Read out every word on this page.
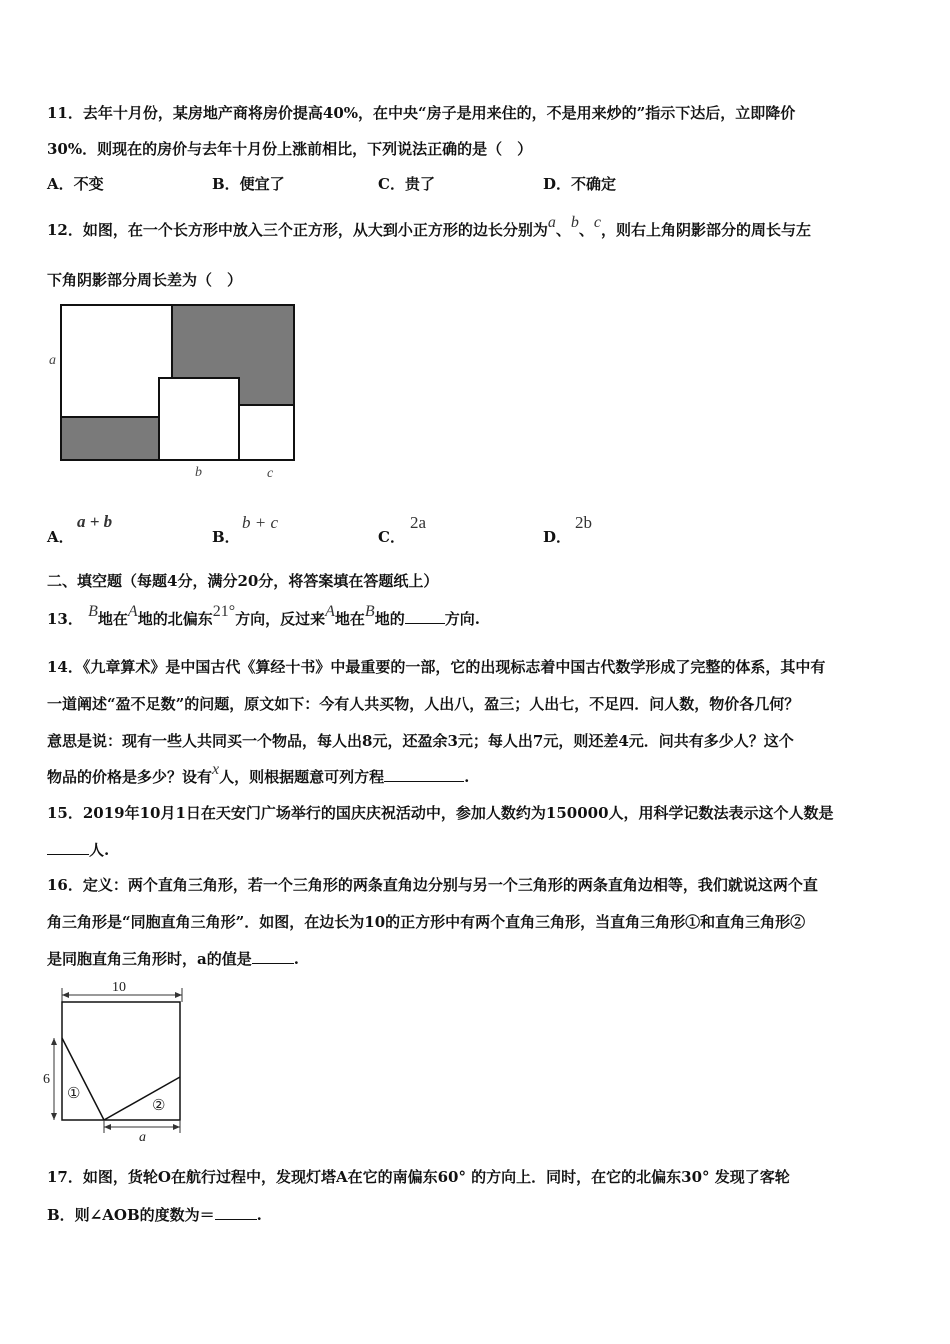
11．去年十月份，某房地产商将房价提高40%，在中央“房子是用来住的，不是用来炒的”指示下达后，立即降价
30%．则现在的房价与去年十月份上涨前相比，下列说法正确的是（　）
A．不变	B．便宜了	C．贵了	D．不确定
12．如图，在一个长方形中放入三个正方形，从大到小正方形的边长分别为a、b、c，则右上角阴影部分的周长与左
下角阴影部分周长差为（　）
a
b	c
A．
a + b
B．
b + c
C．
2a
D．
2b
二、填空题（每题4分，满分20分，将答案填在答题纸上）
13． B地在A地的北偏东21°方向，反过来A地在B地的	方向.
14．《九章算术》是中国古代《算经十书》中最重要的一部，它的出现标志着中国古代数学形成了完整的体系，其中有
一道阐述“盈不足数”的问题，原文如下：今有人共买物，人出八，盈三；人出七，不足四．问人数，物价各几何？
意思是说：现有一些人共同买一个物品，每人出8元，还盈余3元；每人出7元，则还差4元．问共有多少人？这个
物品的价格是多少？设有x人，则根据题意可列方程	.
15．2019年10月1日在天安门广场举行的国庆庆祝活动中，参加人数约为150000人，用科学记数法表示这个人数是
人.
16．定义：两个直角三角形，若一个三角形的两条直角边分别与另一个三角形的两条直角边相等，我们就说这两个直
角三角形是“同胞直角三角形”．如图，在边长为10的正方形中有两个直角三角形，当直角三角形①和直角三角形②
是同胞直角三角形时，a的值是	.
10
6
①
②
a
17．如图，货轮O在航行过程中，发现灯塔A在它的南偏东60° 的方向上．同时，在它的北偏东30° 发现了客轮
B．则∠AOB的度数为＝	.
